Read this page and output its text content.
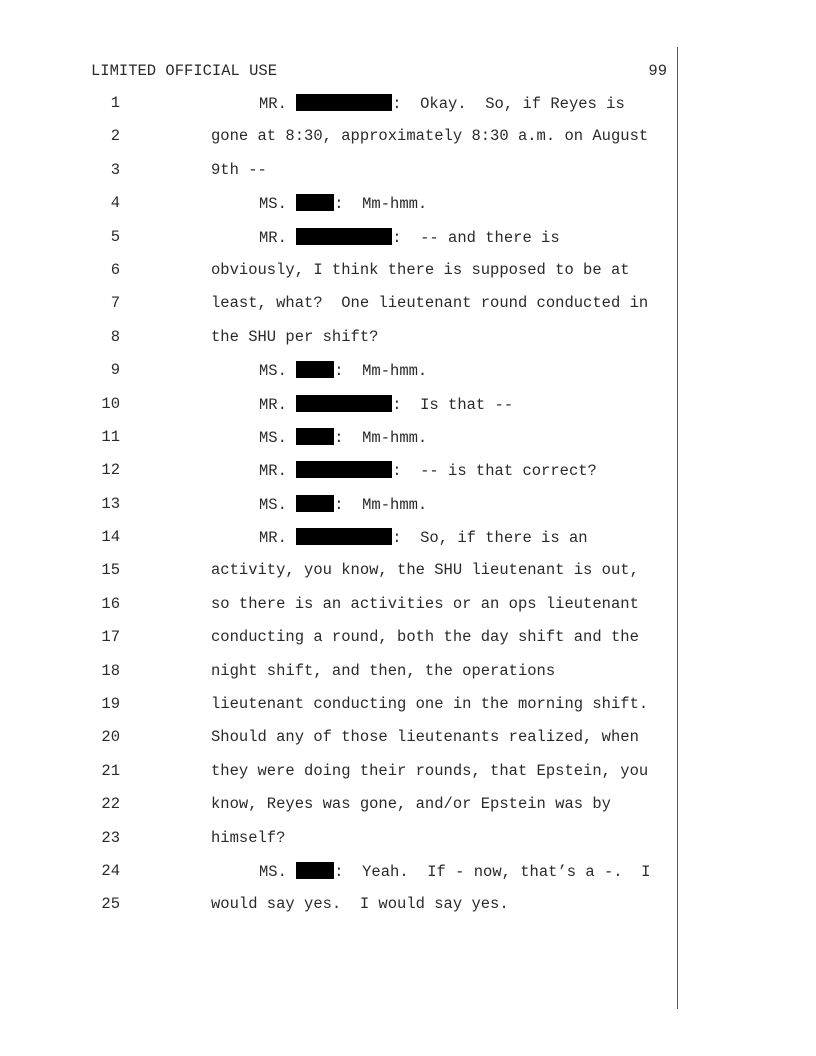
LIMITED OFFICIAL USE	99
1	MR.	:  Okay.  So, if Reyes is
2	gone at 8:30, approximately 8:30 a.m. on August
3	9th --
4	MS.	:  Mm-hmm.
5	MR.	:  -- and there is
6	obviously, I think there is supposed to be at
7	least, what?  One lieutenant round conducted in
8	the SHU per shift?
9	MS.	:  Mm-hmm.
10	MR.	:  Is that --
11	MS.	:  Mm-hmm.
12	MR.	:  -- is that correct?
13	MS.	:  Mm-hmm.
14	MR.	:  So, if there is an
15	activity, you know, the SHU lieutenant is out,
16	so there is an activities or an ops lieutenant
17	conducting a round, both the day shift and the
18	night shift, and then, the operations
19	lieutenant conducting one in the morning shift.
20	Should any of those lieutenants realized, when
21	they were doing their rounds, that Epstein, you
22	know, Reyes was gone, and/or Epstein was by
23	himself?
24	MS.	:  Yeah.  If - now, that’s a -.  I
25	would say yes.  I would say yes.
